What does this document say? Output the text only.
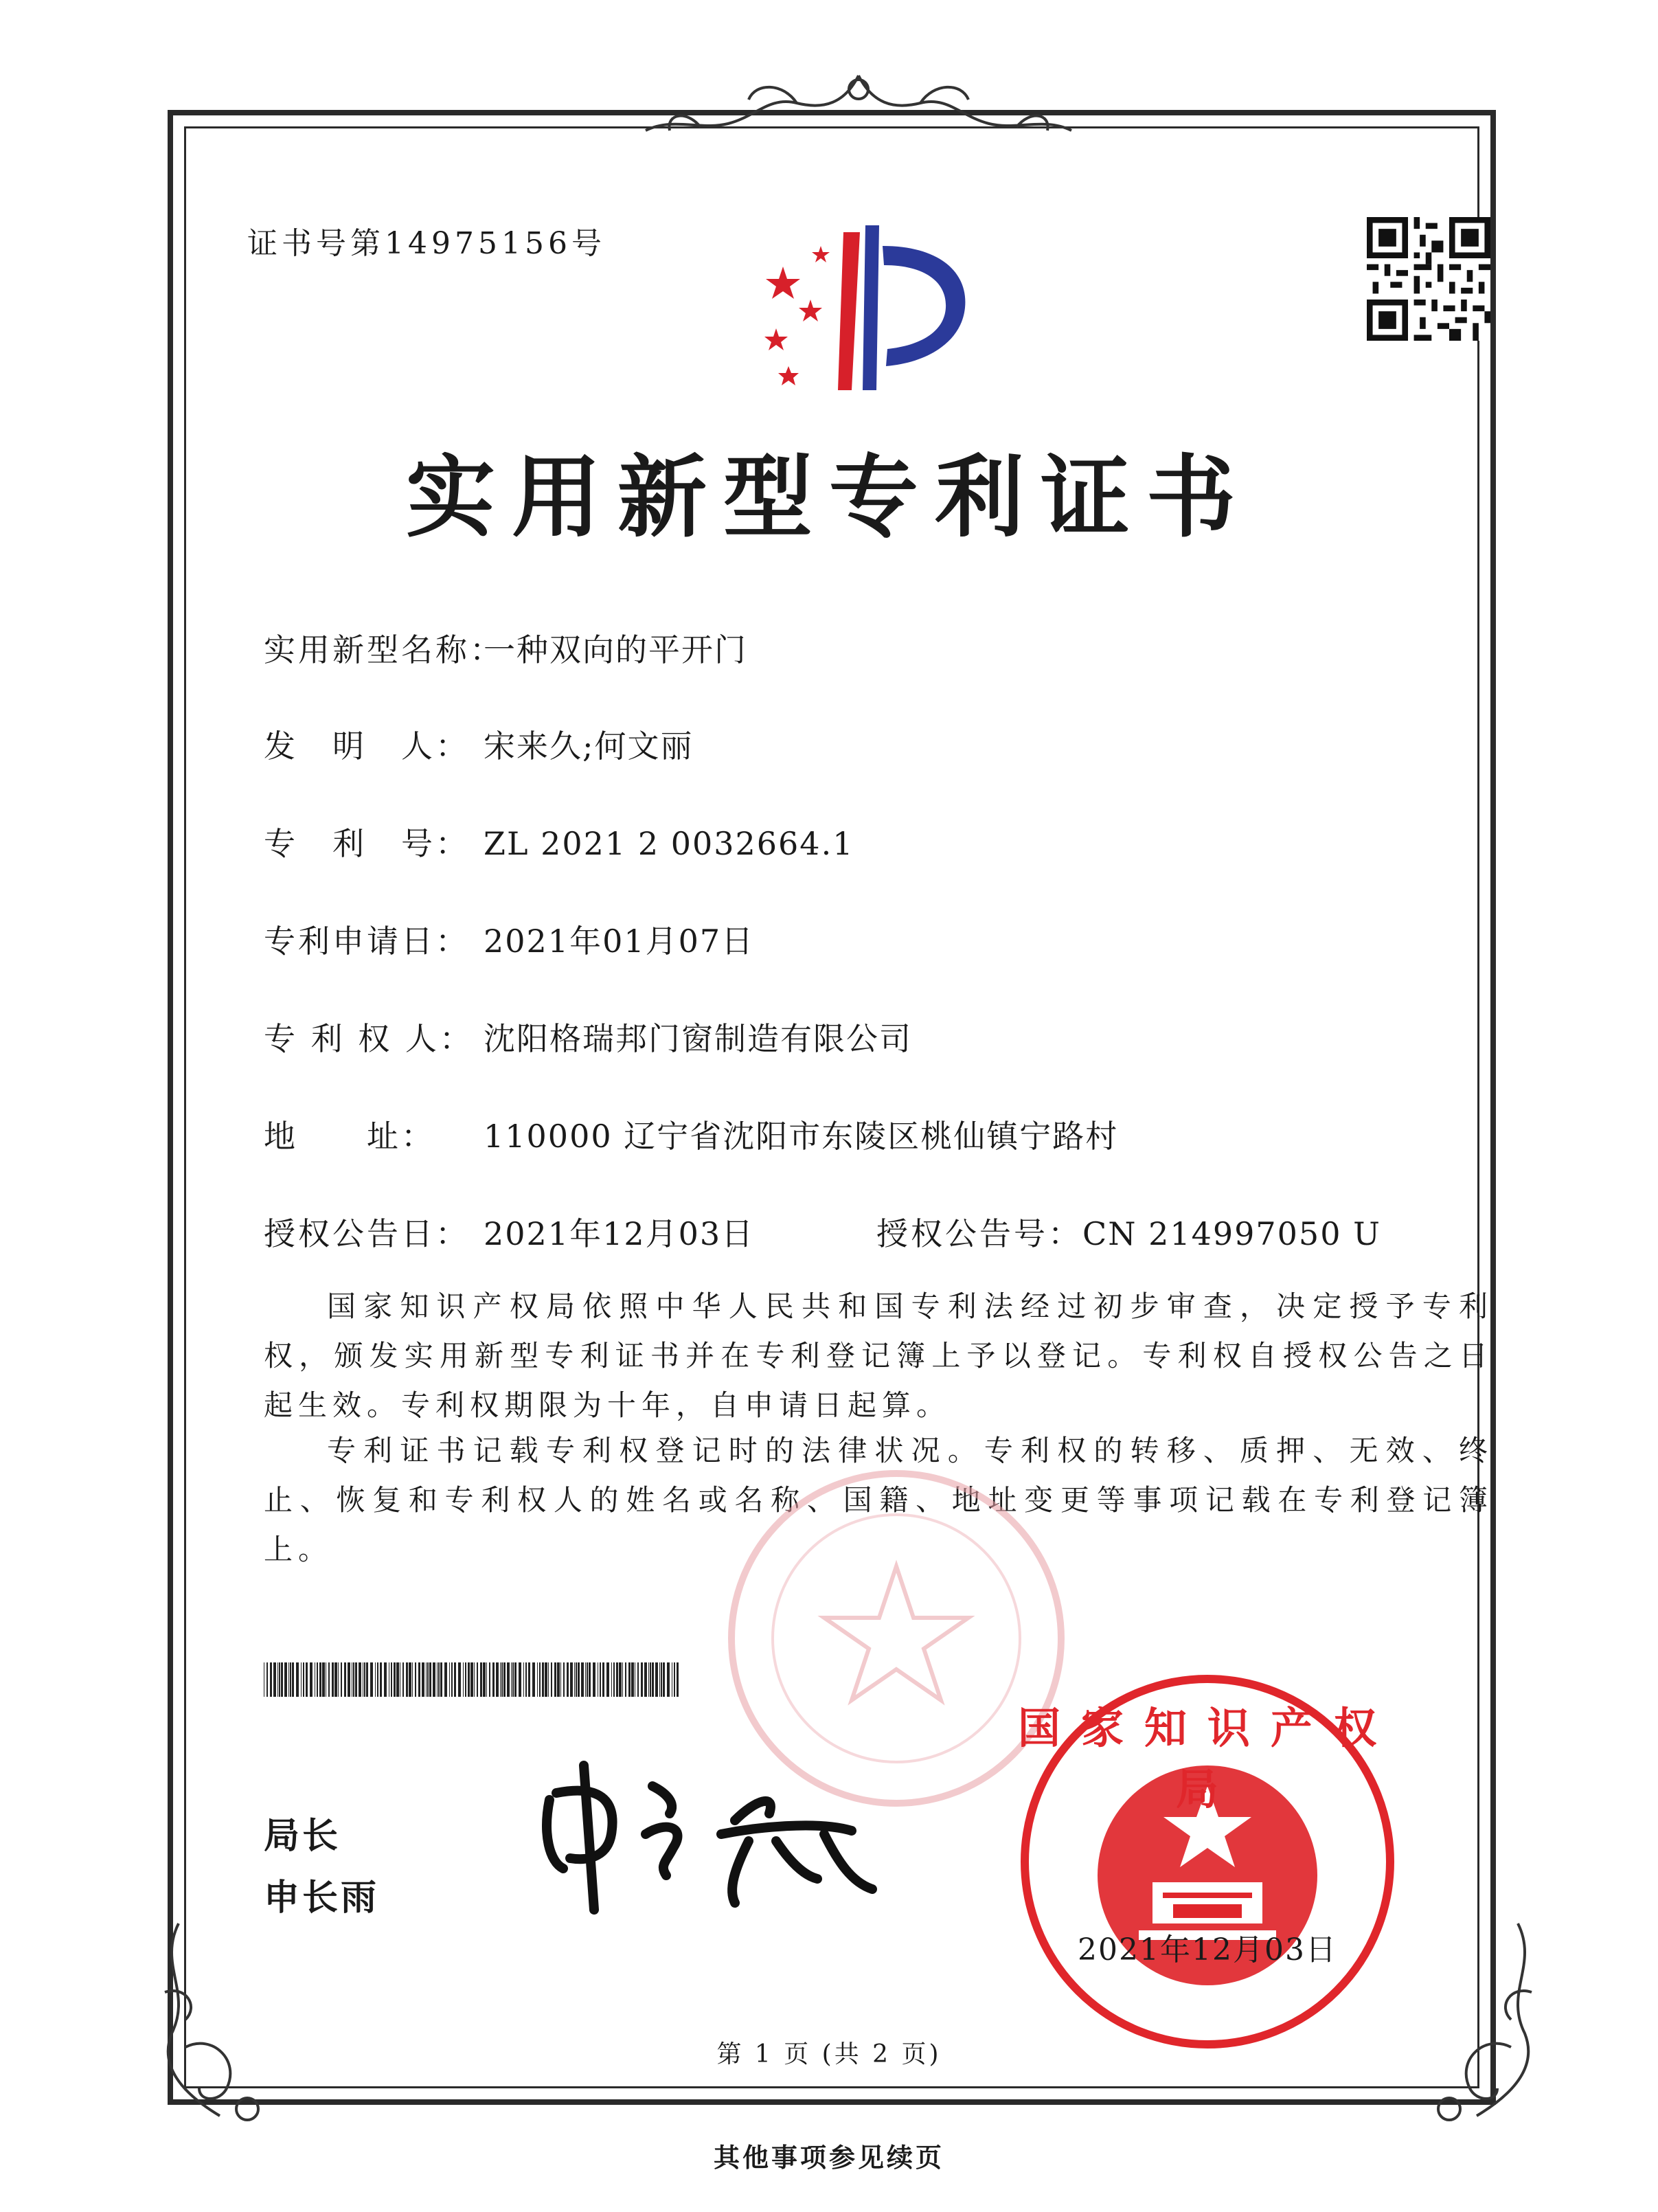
证书号第14975156号
实用新型专利证书
实用新型名称：一种双向的平开门
发　明　人： 宋来久;何文丽
专　利　号： ZL 2021 2 0032664.1
专利申请日： 2021年01月07日
专 利 权 人： 沈阳格瑞邦门窗制造有限公司
地　　址： 110000 辽宁省沈阳市东陵区桃仙镇宁路村
授权公告日： 2021年12月03日	授权公告号：CN 214997050 U
国家知识产权局依照中华人民共和国专利法经过初步审查，决定授予专利权，颁发实用新型专利证书并在专利登记簿上予以登记。专利权自授权公告之日起生效。专利权期限为十年，自申请日起算。
专利证书记载专利权登记时的法律状况。专利权的转移、质押、无效、终止、恢复和专利权人的姓名或名称、国籍、地址变更等事项记载在专利登记簿上。
局长
申长雨
国家知识产权局
2021年12月03日
第 1 页 (共 2 页)
其他事项参见续页
